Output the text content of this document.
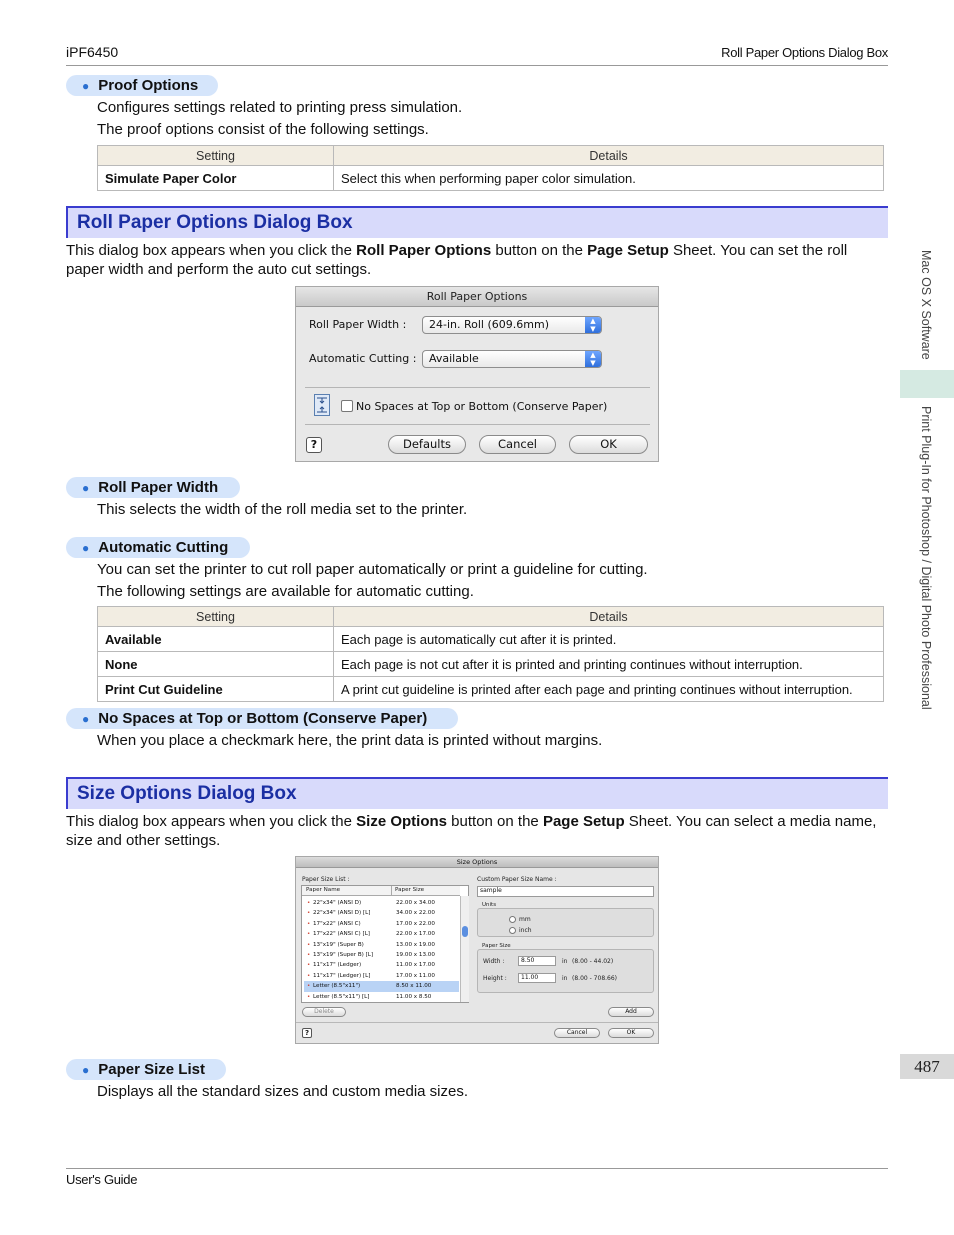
iPF6450	Roll Paper Options Dialog Box
● Proof Options
Configures settings related to printing press simulation.
The proof options consist of the following settings.
Setting	Details
Simulate Paper Color	Select this when performing paper color simulation.
Roll Paper Options Dialog Box
This dialog box appears when you click the Roll Paper Options button on the Page Setup Sheet. You can set the roll paper width and perform the auto cut settings.
Roll Paper Options
Roll Paper Width :	24-in. Roll (609.6mm)	▲
▼
Automatic Cutting :	Available	▲
▼
No Spaces at Top or Bottom (Conserve Paper)
?	Defaults	Cancel	OK
● Roll Paper Width
This selects the width of the roll media set to the printer.
● Automatic Cutting
You can set the printer to cut roll paper automatically or print a guideline for cutting.
The following settings are available for automatic cutting.
Setting	Details
Available	Each page is automatically cut after it is printed.
None	Each page is not cut after it is printed and printing continues without interruption.
Print Cut Guideline	A print cut guideline is printed after each page and printing continues without interruption.
● No Spaces at Top or Bottom (Conserve Paper)
When you place a checkmark here, the print data is printed without margins.
Size Options Dialog Box
This dialog box appears when you click the Size Options button on the Page Setup Sheet. You can select a media name, size and other settings.
Size Options
Paper Size List :
Paper Name	Paper Size
• 22"x34" (ANSI D)	22.00 x 34.00
• 22"x34" (ANSI D) [L]	34.00 x 22.00
• 17"x22" (ANSI C)	17.00 x 22.00
• 17"x22" (ANSI C) [L]	22.00 x 17.00
• 13"x19" (Super B)	13.00 x 19.00
• 13"x19" (Super B) [L]	19.00 x 13.00
• 11"x17" (Ledger)	11.00 x 17.00
• 11"x17" (Ledger) [L]	17.00 x 11.00
• Letter (8.5"x11")	8.50 x 11.00
• Letter (8.5"x11") [L]	11.00 x 8.50
Delete
Custom Paper Size Name :
sample
Units
mm
inch
Paper Size
Width :	8.50	in (8.00 - 44.02)
Height :	11.00	in (8.00 - 708.66)
Add
?	Cancel	OK
● Paper Size List
Displays all the standard sizes and custom media sizes.
Mac OS X Software
Print Plug-In for Photoshop / Digital Photo Professional
487
User's Guide
